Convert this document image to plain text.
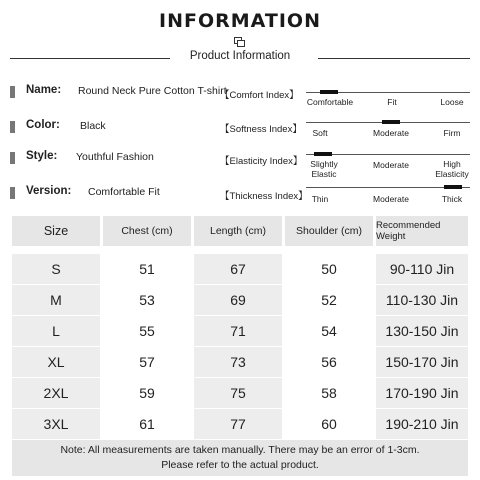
INFORMATION
Product Information
Name: Round Neck Pure Cotton T-shirt
Color: Black
Style: Youthful Fashion
Version: Comfortable Fit
【Comfort Index】
Comfortable	Fit	Loose
【Softness Index】	Soft	Moderate	Firm
【Elasticity Index】 Slightly Elastic
Moderate	High Elasticity
【Thickness Index】 Thin	Moderate	Thick
Size	Chest (cm)	Length (cm)	Shoulder (cm)	Recommended Weight
S	51	67	50	90-110 Jin
M	53	69	52	110-130 Jin
L	55	71	54	130-150 Jin
XL	57	73	56	150-170 Jin
2XL	59	75	58	170-190 Jin
3XL	61	77	60	190-210 Jin
Note: All measurements are taken manually. There may be an error of 1-3cm.
Please refer to the actual product.
